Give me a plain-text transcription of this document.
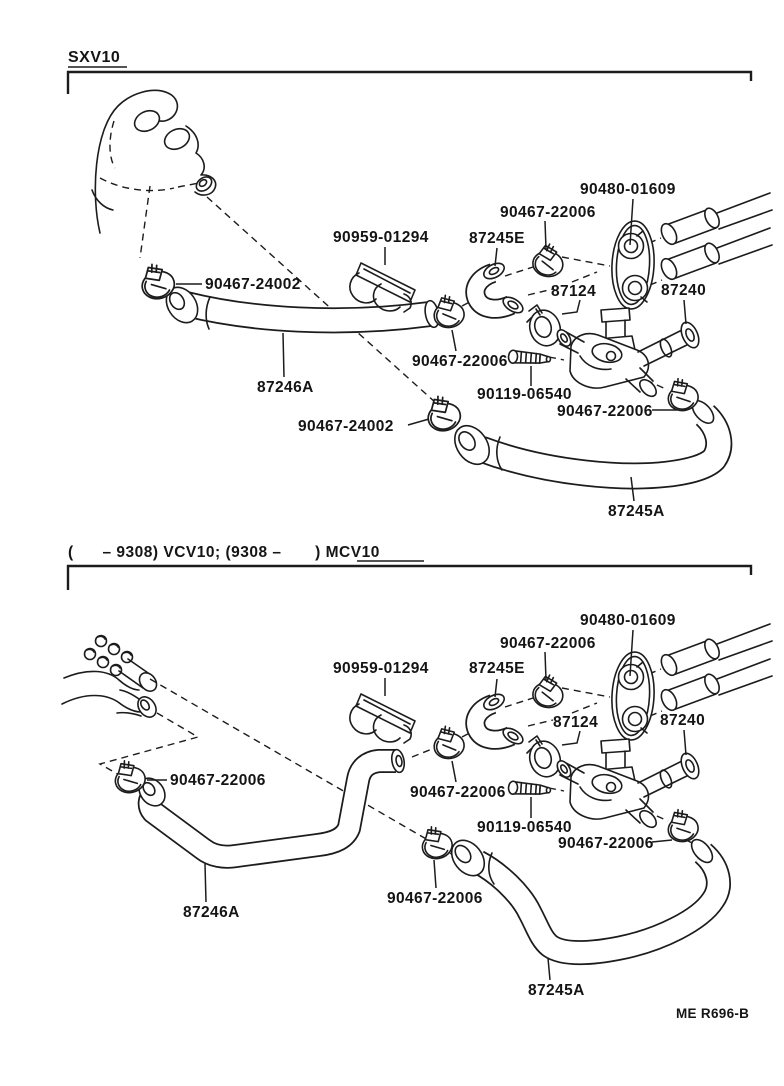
90480-01609
90467-22006
87245E
90959-01294
90467-24002	87124	87240
90467-22006
90119-06540
90467-22006
90467-24002
87246A
87245A
90480-01609
90467-22006
87245E
90959-01294
87124	87240
90467-22006
90467-22006
90119-06540
90467-22006
90467-22006
87246A
87245A
SXV10
(      – 9308) VCV10; (9308 –       ) MCV10
ME R696-B
